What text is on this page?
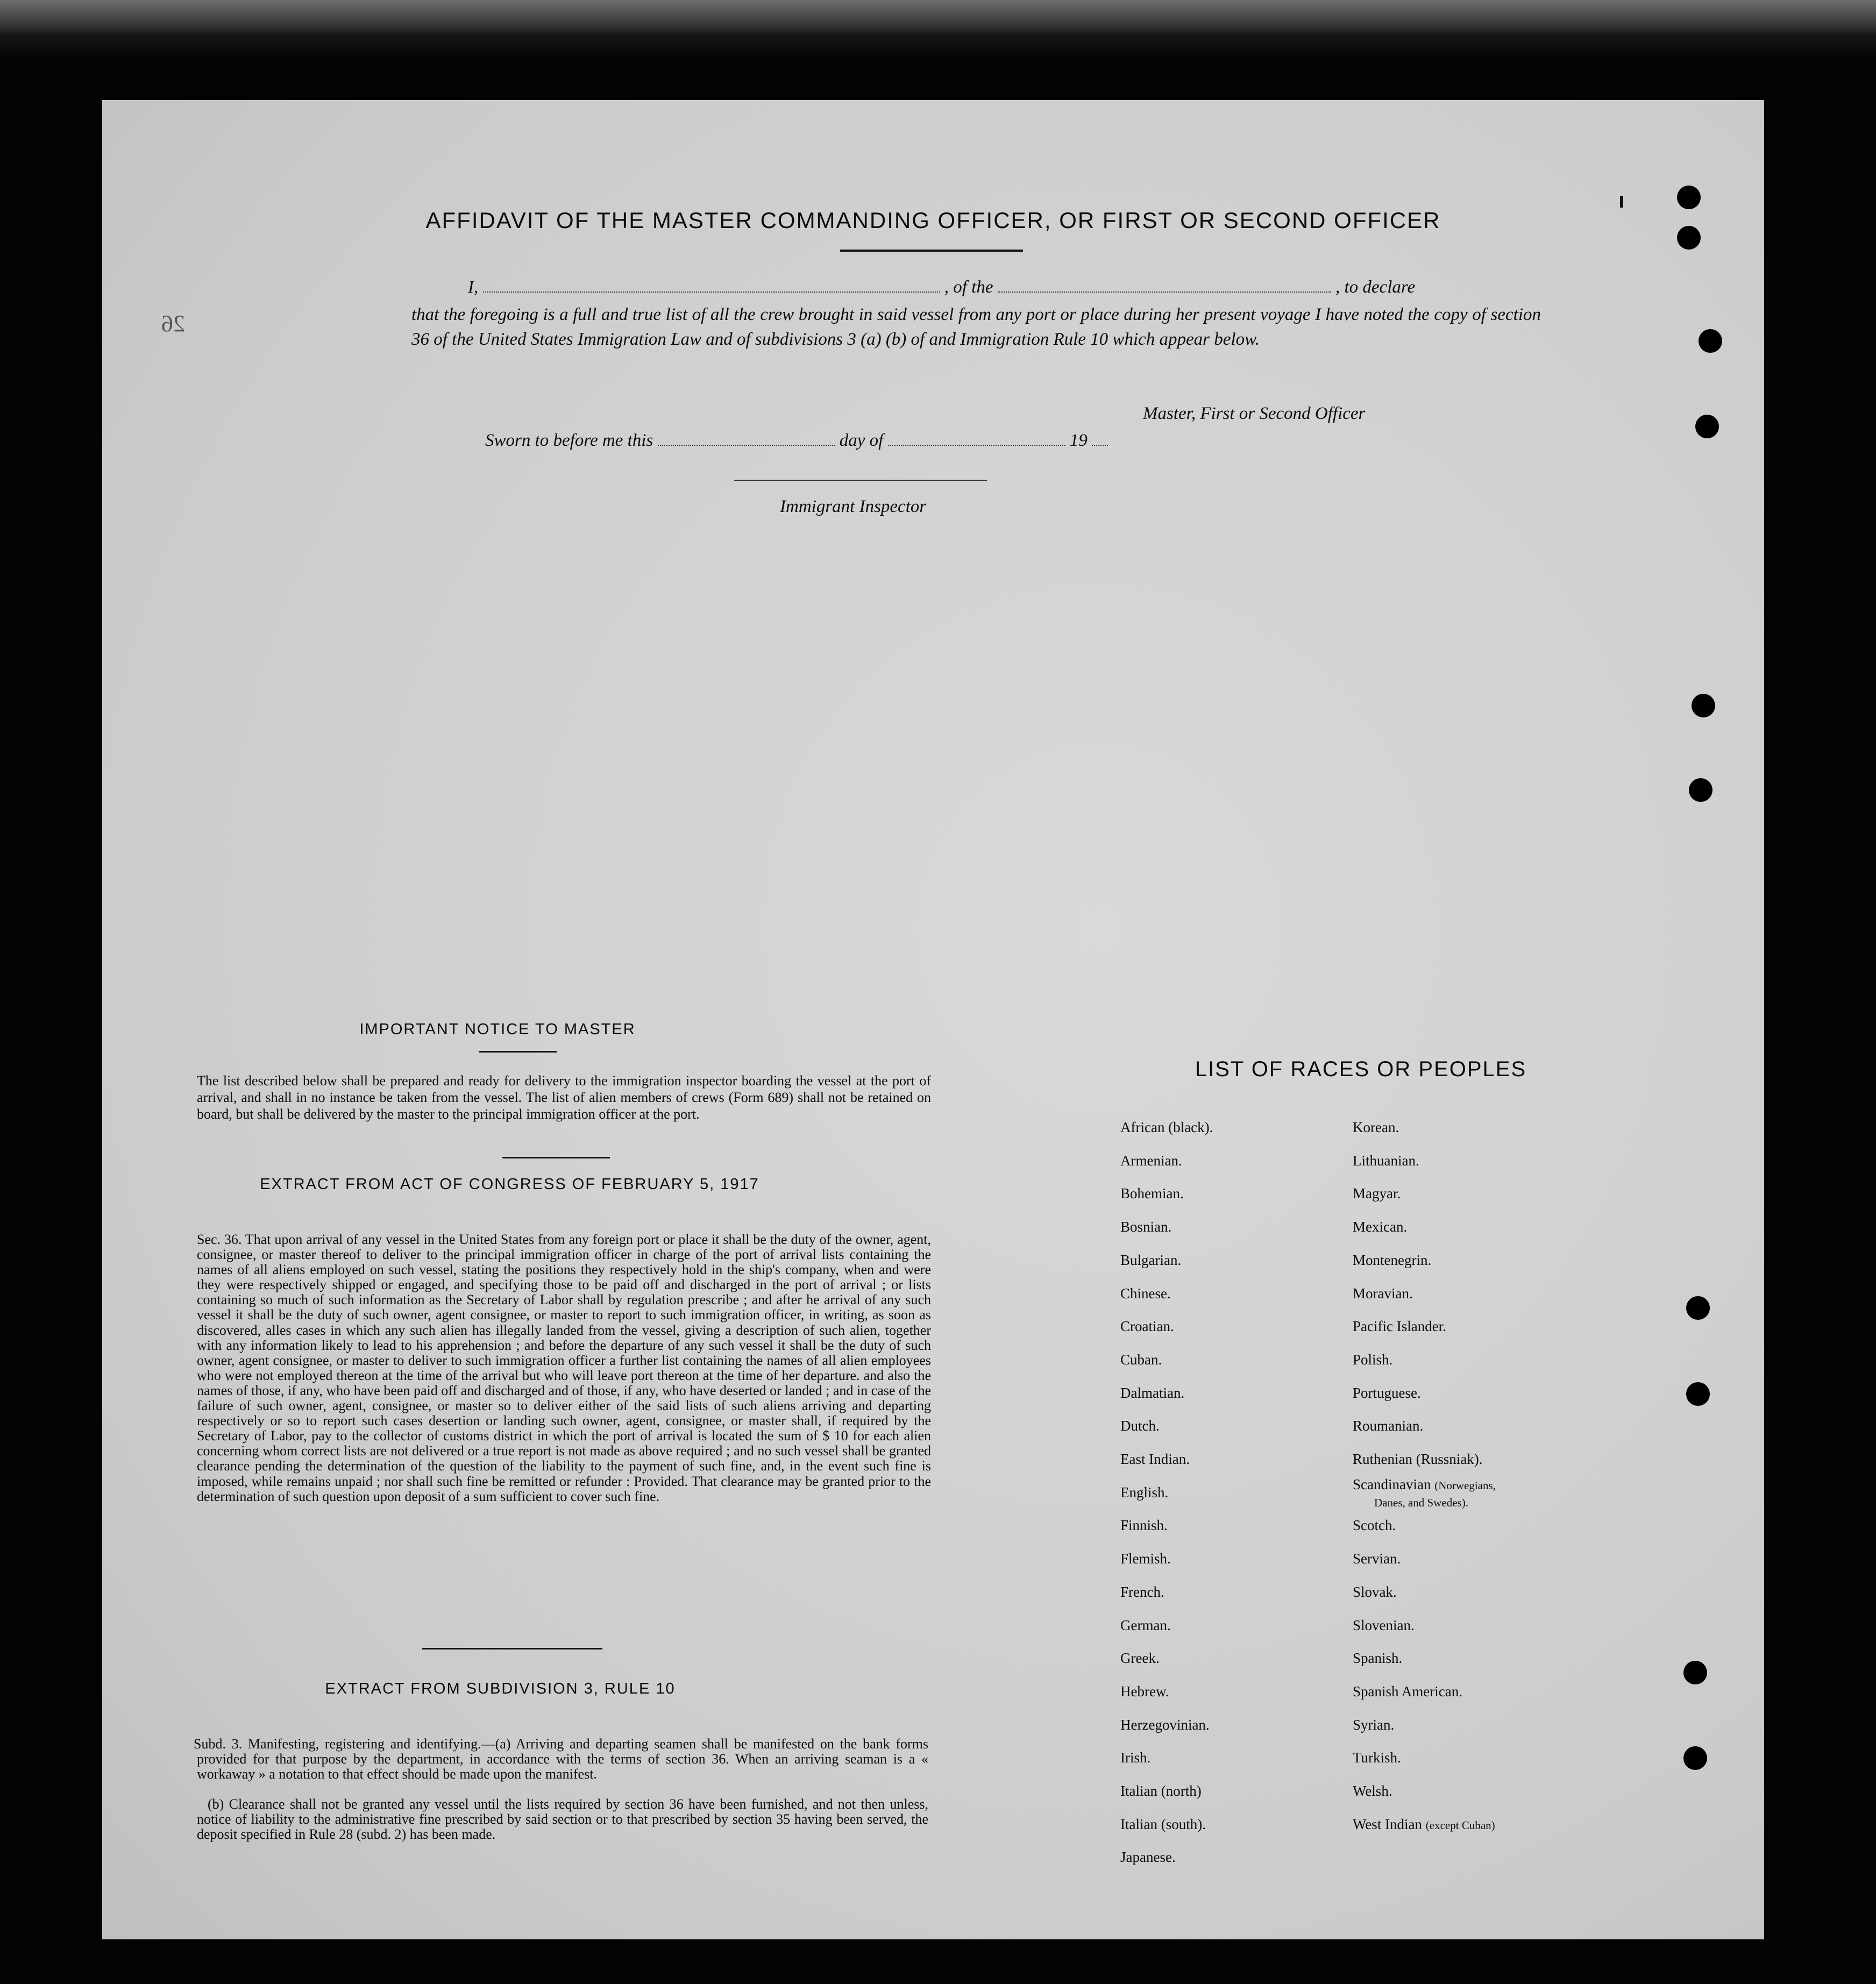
26
AFFIDAVIT OF THE MASTER COMMANDING OFFICER, OR FIRST OR SECOND OFFICER
I,	, of the	, to declare
that the foregoing is a full and true list of all the crew brought in said vessel from any port or place during her present voyage I have noted the copy of section 36 of the United States Immigration Law and of subdivisions 3 (a) (b) of and Immigration Rule 10 which appear below.
Master, First or Second Officer
Sworn to before me this	day of	19
Immigrant Inspector
IMPORTANT NOTICE TO MASTER
The list described below shall be prepared and ready for delivery to the immigration inspector boarding the vessel at the port of arrival, and shall in no instance be taken from the vessel. The list of alien members of crews (Form 689) shall not be retained on board, but shall be delivered by the master to the principal immigration officer at the port.
EXTRACT FROM ACT OF CONGRESS OF FEBRUARY 5, 1917
Sec. 36. That upon arrival of any vessel in the United States from any foreign port or place it shall be the duty of the owner, agent, consignee, or master thereof to deliver to the principal immigration officer in charge of the port of arrival lists containing the names of all aliens employed on such vessel, stating the positions they respectively hold in the ship's company, when and were they were respectively shipped or engaged, and specifying those to be paid off and discharged in the port of arrival ; or lists containing so much of such information as the Secretary of Labor shall by regulation prescribe ; and after he arrival of any such vessel it shall be the duty of such owner, agent consignee, or master to report to such immigration officer, in writing, as soon as discovered, alles cases in which any such alien has illegally landed from the vessel, giving a description of such alien, together with any information likely to lead to his apprehension ; and before the departure of any such vessel it shall be the duty of such owner, agent consignee, or master to deliver to such immigration officer a further list containing the names of all alien employees who were not employed thereon at the time of the arrival but who will leave port thereon at the time of her departure. and also the names of those, if any, who have been paid off and discharged and of those, if any, who have deserted or landed ; and in case of the failure of such owner, agent, consignee, or master so to deliver either of the said lists of such aliens arriving and departing respectively or so to report such cases desertion or landing such owner, agent, consignee, or master shall, if required by the Secretary of Labor, pay to the collector of customs district in which the port of arrival is located the sum of $ 10 for each alien concerning whom correct lists are not delivered or a true report is not made as above required ; and no such vessel shall be granted clearance pending the determination of the question of the liability to the payment of such fine, and, in the event such fine is imposed, while remains unpaid ; nor shall such fine be remitted or refunder : Provided. That clearance may be granted prior to the determination of such question upon deposit of a sum sufficient to cover such fine.
EXTRACT FROM SUBDIVISION 3, RULE 10
Subd. 3. Manifesting, registering and identifying.—(a) Arriving and departing seamen shall be manifested on the bank forms provided for that purpose by the department, in accordance with the terms of section 36. When an arriving seaman is a « workaway » a notation to that effect should be made upon the manifest.
(b) Clearance shall not be granted any vessel until the lists required by section 36 have been furnished, and not then unless, notice of liability to the administrative fine prescribed by said section or to that prescribed by section 35 having been served, the deposit specified in Rule 28 (subd. 2) has been made.
LIST OF RACES OR PEOPLES
African (black).
Armenian.
Bohemian.
Bosnian.
Bulgarian.
Chinese.
Croatian.
Cuban.
Dalmatian.
Dutch.
East Indian.
English.
Finnish.
Flemish.
French.
German.
Greek.
Hebrew.
Herzegovinian.
Irish.
Italian (north)
Italian (south).
Japanese.
Korean.
Lithuanian.
Magyar.
Mexican.
Montenegrin.
Moravian.
Pacific Islander.
Polish.
Portuguese.
Roumanian.
Ruthenian (Russniak).
Scandinavian (Norwegians,
Danes, and Swedes).
Scotch.
Servian.
Slovak.
Slovenian.
Spanish.
Spanish American.
Syrian.
Turkish.
Welsh.
West Indian (except Cuban)
